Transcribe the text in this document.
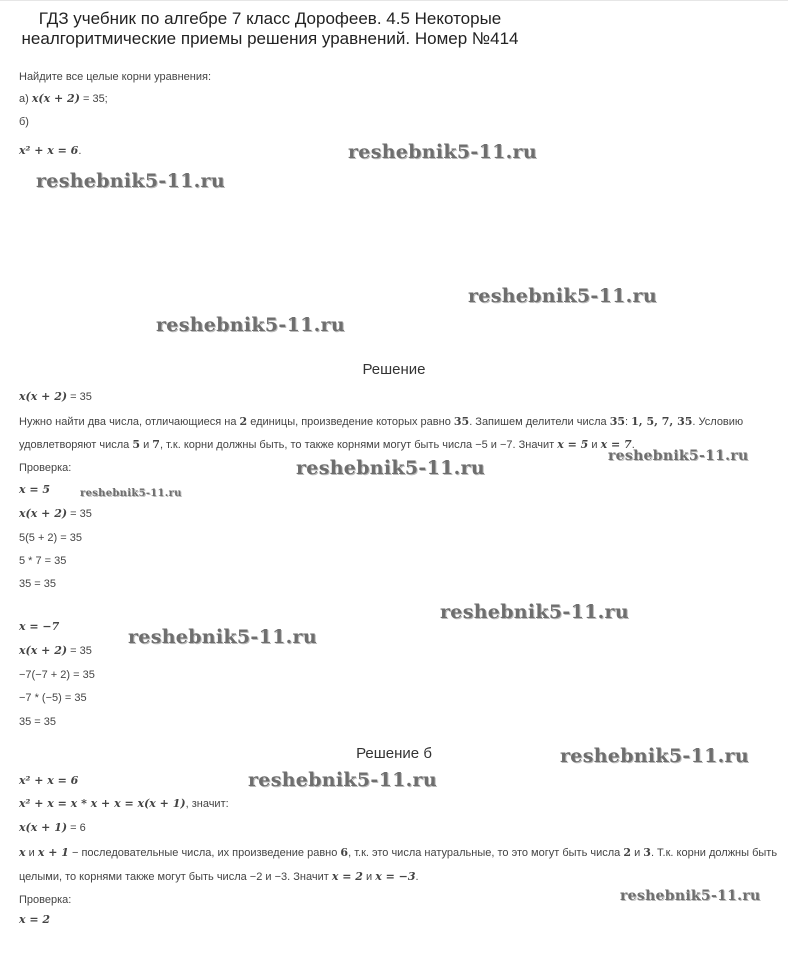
ГДЗ учебник по алгебре 7 класс Дорофеев. 4.5 Некоторые неалгоритмические приемы решения уравнений. Номер №414
Найдите все целые корни уравнения:
а) x(x + 2) = 35;
б)
x² + x = 6.	reshebnik5-11.ru
reshebnik5-11.ru
reshebnik5-11.ru
reshebnik5-11.ru
reshebnik5-11.ru
reshebnik5-11.ru
reshebnik5-11.ru
reshebnik5-11.ru
reshebnik5-11.ru
reshebnik5-11.ru
reshebnik5-11.ru
reshebnik5-11.ru
Решение
x(x + 2) = 35
Нужно найти два числа, отличающиеся на 2 единицы, произведение которых равно 35. Запишем делители числа 35: 1, 5, 7, 35. Условию
удовлетворяют числа 5 и 7, т.к. корни должны быть, то также корнями могут быть числа −5 и −7. Значит x = 5 и x = 7.
Проверка:
x = 5
x(x + 2) = 35
5(5 + 2) = 35
5 * 7 = 35
35 = 35
x = −7
x(x + 2) = 35
−7(−7 + 2) = 35
−7 * (−5) = 35
35 = 35
Решение б
x² + x = 6
x² + x = x * x + x = x(x + 1), значит:
x(x + 1) = 6
x и x + 1 − последовательные числа, их произведение равно 6, т.к. это числа натуральные, то это могут быть числа 2 и 3. Т.к. корни должны быть
целыми, то корнями также могут быть числа −2 и −3. Значит x = 2 и x = −3.
Проверка:
x = 2
